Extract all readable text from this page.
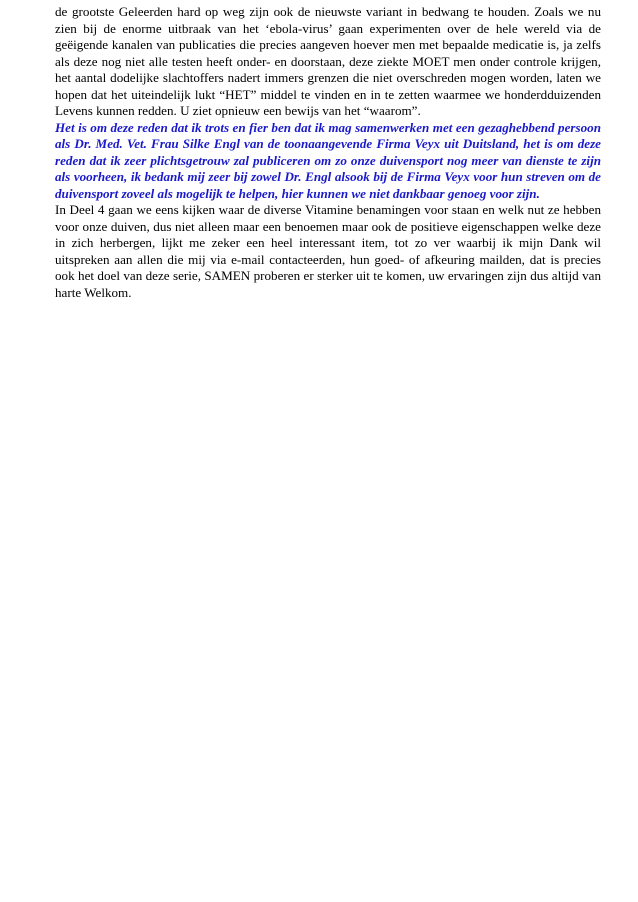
de grootste Geleerden hard op weg zijn ook de nieuwste variant in bedwang te houden. Zoals we nu zien bij de enorme uitbraak van het ‘ebola-virus’ gaan experimenten over de hele wereld via de geëigende kanalen van publicaties die precies aangeven hoever men met bepaalde medicatie is, ja zelfs als deze nog niet alle testen heeft onder- en doorstaan, deze ziekte MOET men onder controle krijgen, het aantal dodelijke slachtoffers nadert immers grenzen die niet overschreden mogen worden, laten we hopen dat het uiteindelijk lukt “HET” middel te vinden en in te zetten waarmee we honderdduizenden Levens kunnen redden. U ziet opnieuw een bewijs van het “waarom”.

Het is om deze reden dat ik trots en fier ben dat ik mag samenwerken met een gezaghebbend persoon als Dr. Med. Vet. Frau Silke Engl van de toonaangevende Firma Veyx uit Duitsland, het is om deze reden dat ik zeer plichtsgetrouw zal publiceren om zo onze duivensport nog meer van dienste te zijn als voorheen, ik bedank mij zeer bij zowel Dr. Engl alsook bij de Firma Veyx voor hun streven om de duivensport zoveel als mogelijk te helpen, hier kunnen we niet dankbaar genoeg voor zijn.

In Deel 4 gaan we eens kijken waar de diverse Vitamine benamingen voor staan en welk nut ze hebben voor onze duiven, dus niet alleen maar een benoemen maar ook de positieve eigenschappen welke deze in zich herbergen, lijkt me zeker een heel interessant item, tot zo ver waarbij ik mijn Dank wil uitspreken aan allen die mij via e-mail contacteerden, hun goed- of afkeuring mailden, dat is precies ook het doel van deze serie, SAMEN proberen er sterker uit te komen, uw ervaringen zijn dus altijd van harte Welkom.
